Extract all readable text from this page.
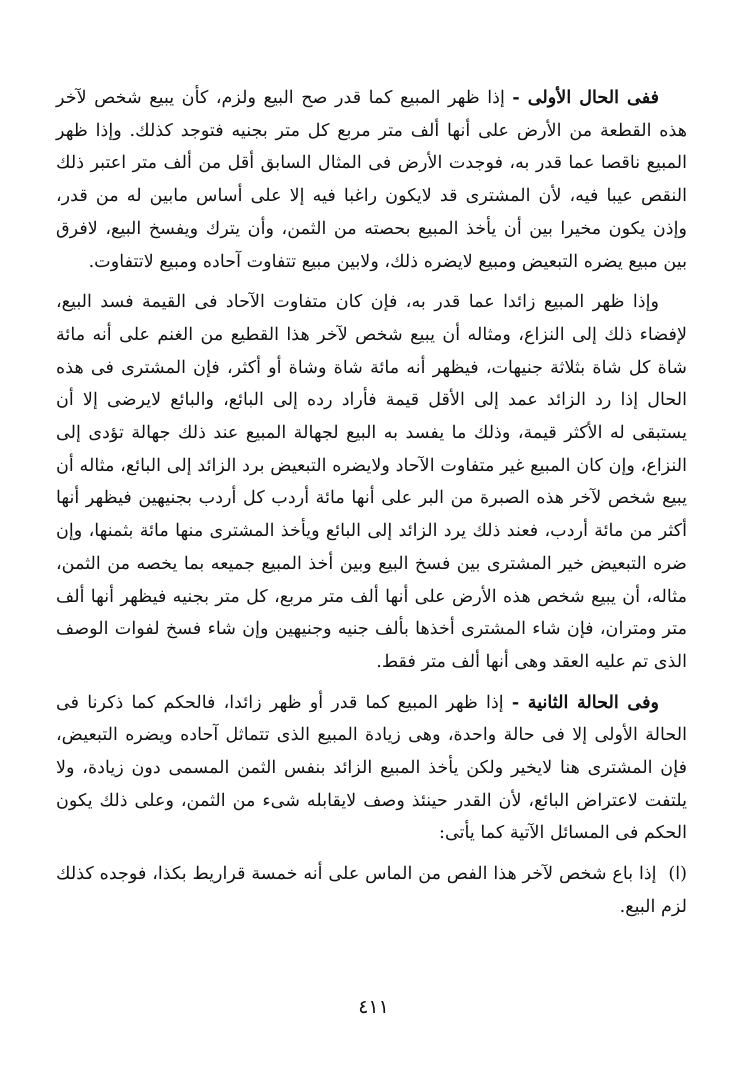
ففى الحال الأولى - إذا ظهر المبيع كما قدر صح البيع ولزم، كأن يبيع شخص لآخر هذه القطعة من الأرض على أنها ألف متر مربع كل متر بجنيه فتوجد كذلك. وإذا ظهر المبيع ناقصا عما قدر به، فوجدت الأرض فى المثال السابق أقل من ألف متر اعتبر ذلك النقص عيبا فيه، لأن المشترى قد لايكون راغبا فيه إلا على أساس مابين له من قدر، وإذن يكون مخيرا بين أن يأخذ المبيع بحصته من الثمن، وأن يترك ويفسخ البيع، لافرق بين مبيع يضره التبعيض ومبيع لايضره ذلك، ولابين مبيع تتفاوت آحاده ومبيع لاتتفاوت.

وإذا ظهر المبيع زائدا عما قدر به، فإن كان متفاوت الآحاد فى القيمة فسد البيع، لإفضاء ذلك إلى النزاع، ومثاله أن يبيع شخص لآخر هذا القطيع من الغنم على أنه مائة شاة كل شاة بثلاثة جنيهات، فيظهر أنه مائة شاة وشاة أو أكثر، فإن المشترى فى هذه الحال إذا رد الزائد عمد إلى الأقل قيمة فأراد رده إلى البائع، والبائع لايرضى إلا أن يستبقى له الأكثر قيمة، وذلك ما يفسد به البيع لجهالة المبيع عند ذلك جهالة تؤدى إلى النزاع، وإن كان المبيع غير متفاوت الآحاد ولايضره التبعيض برد الزائد إلى البائع، مثاله أن يبيع شخص لآخر هذه الصبرة من البر على أنها مائة أردب كل أردب بجنيهين فيظهر أنها أكثر من مائة أردب، فعند ذلك يرد الزائد إلى البائع ويأخذ المشترى منها مائة بثمنها، وإن ضره التبعيض خير المشترى بين فسخ البيع وبين أخذ المبيع جميعه بما يخصه من الثمن، مثاله، أن يبيع شخص هذه الأرض على أنها ألف متر مربع، كل متر بجنيه فيظهر أنها ألف متر ومتران، فإن شاء المشترى أخذها بألف جنيه وجنيهين وإن شاء فسخ لفوات الوصف الذى تم عليه العقد وهى أنها ألف متر فقط.

وفى الحالة الثانية - إذا ظهر المبيع كما قدر أو ظهر زائدا، فالحكم كما ذكرنا فى الحالة الأولى إلا فى حالة واحدة، وهى زيادة المبيع الذى تتماثل آحاده ويضره التبعيض، فإن المشترى هنا لايخير ولكن يأخذ المبيع الزائد بنفس الثمن المسمى دون زيادة، ولا يلتفت لاعتراض البائع، لأن القدر حينئذ وصف لايقابله شىء من الثمن، وعلى ذلك يكون الحكم فى المسائل الآتية كما يأتى:

(ا) إذا باع شخص لآخر هذا الفص من الماس على أنه خمسة قراريط بكذا، فوجده كذلك لزم البيع.

٤١١
